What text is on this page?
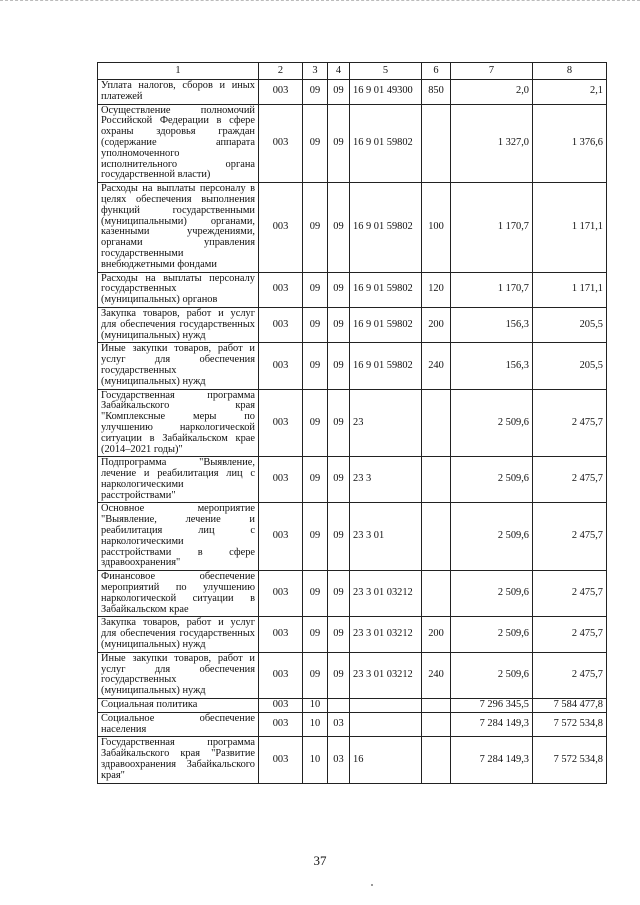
1	2	3	4	5	6	7	8
Уплата налогов, сборов и иных платежей	003	09	09	16 9 01 49300	850	2,0	2,1
Осуществление полномочий Российской Федерации в сфере охраны здоровья граждан (содержание аппарата уполномоченного исполнительного органа государственной власти)	003	09	09	16 9 01 59802		1 327,0	1 376,6
Расходы на выплаты персоналу в целях обеспечения выполнения функций государственными (муниципальными) органами, казенными учреждениями, органами управления государственными внебюджетными фондами	003	09	09	16 9 01 59802	100	1 170,7	1 171,1
Расходы на выплаты персоналу государственных (муниципальных) органов	003	09	09	16 9 01 59802	120	1 170,7	1 171,1
Закупка товаров, работ и услуг для обеспечения государственных (муниципальных) нужд	003	09	09	16 9 01 59802	200	156,3	205,5
Иные закупки товаров, работ и услуг для обеспечения государственных (муниципальных) нужд	003	09	09	16 9 01 59802	240	156,3	205,5
Государственная программа Забайкальского края "Комплексные меры по улучшению наркологической ситуации в Забайкальском крае (2014–2021 годы)"	003	09	09	23		2 509,6	2 475,7
Подпрограмма "Выявление, лечение и реабилитация лиц с наркологическими расстройствами"	003	09	09	23 3		2 509,6	2 475,7
Основное мероприятие "Выявление, лечение и реабилитация лиц с наркологическими расстройствами в сфере здравоохранения"	003	09	09	23 3 01		2 509,6	2 475,7
Финансовое обеспечение мероприятий по улучшению наркологической ситуации в Забайкальском крае	003	09	09	23 3 01 03212		2 509,6	2 475,7
Закупка товаров, работ и услуг для обеспечения государственных (муниципальных) нужд	003	09	09	23 3 01 03212	200	2 509,6	2 475,7
Иные закупки товаров, работ и услуг для обеспечения государственных (муниципальных) нужд	003	09	09	23 3 01 03212	240	2 509,6	2 475,7
Социальная политика	003	10				7 296 345,5	7 584 477,8
Социальное обеспечение населения	003	10	03			7 284 149,3	7 572 534,8
Государственная программа Забайкальского края "Развитие здравоохранения Забайкальского края"	003	10	03	16		7 284 149,3	7 572 534,8
37
